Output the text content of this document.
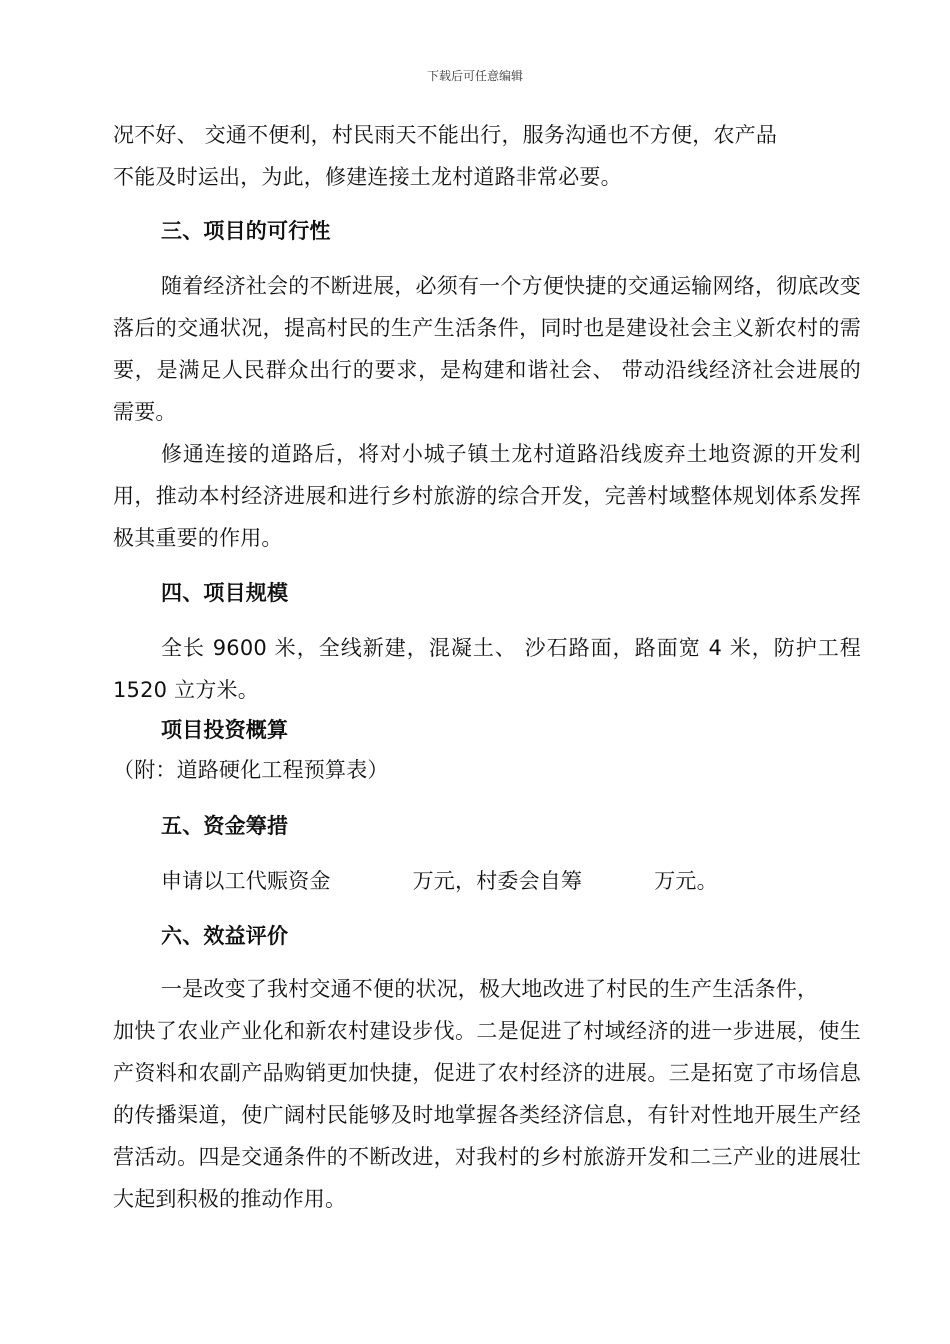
下载后可任意编辑

况不好、 交通不便利，村民雨天不能出行，服务沟通也不方便，农产品

不能及时运出，为此，修建连接土龙村道路非常必要。

三、项目的可行性

随着经济社会的不断进展，必须有一个方便快捷的交通运输网络，彻底改变落后的交通状况，提高村民的生产生活条件，同时也是建设社会主义新农村的需要，是满足人民群众出行的要求，是构建和谐社会、 带动沿线经济社会进展的需要。

修通连接的道路后，将对小城子镇土龙村道路沿线废弃土地资源的开发利用，推动本村经济进展和进行乡村旅游的综合开发，完善村域整体规划体系发挥极其重要的作用。

四、项目规模

全长 9600 米，全线新建，混凝土、 沙石路面，路面宽 4 米，防护工程 1520 立方米。

项目投资概算

（附：道路硬化工程预算表）

五、资金筹措

申请以工代赈资金	万元，村委会自筹	万元。

六、效益评价

一是改变了我村交通不便的状况，极大地改进了村民的生产生活条件，

加快了农业产业化和新农村建设步伐。二是促进了村域经济的进一步进展，使生产资料和农副产品购销更加快捷，促进了农村经济的进展。三是拓宽了市场信息的传播渠道，使广阔村民能够及时地掌握各类经济信息，有针对性地开展生产经营活动。四是交通条件的不断改进，对我村的乡村旅游开发和二三产业的进展壮大起到积极的推动作用。
